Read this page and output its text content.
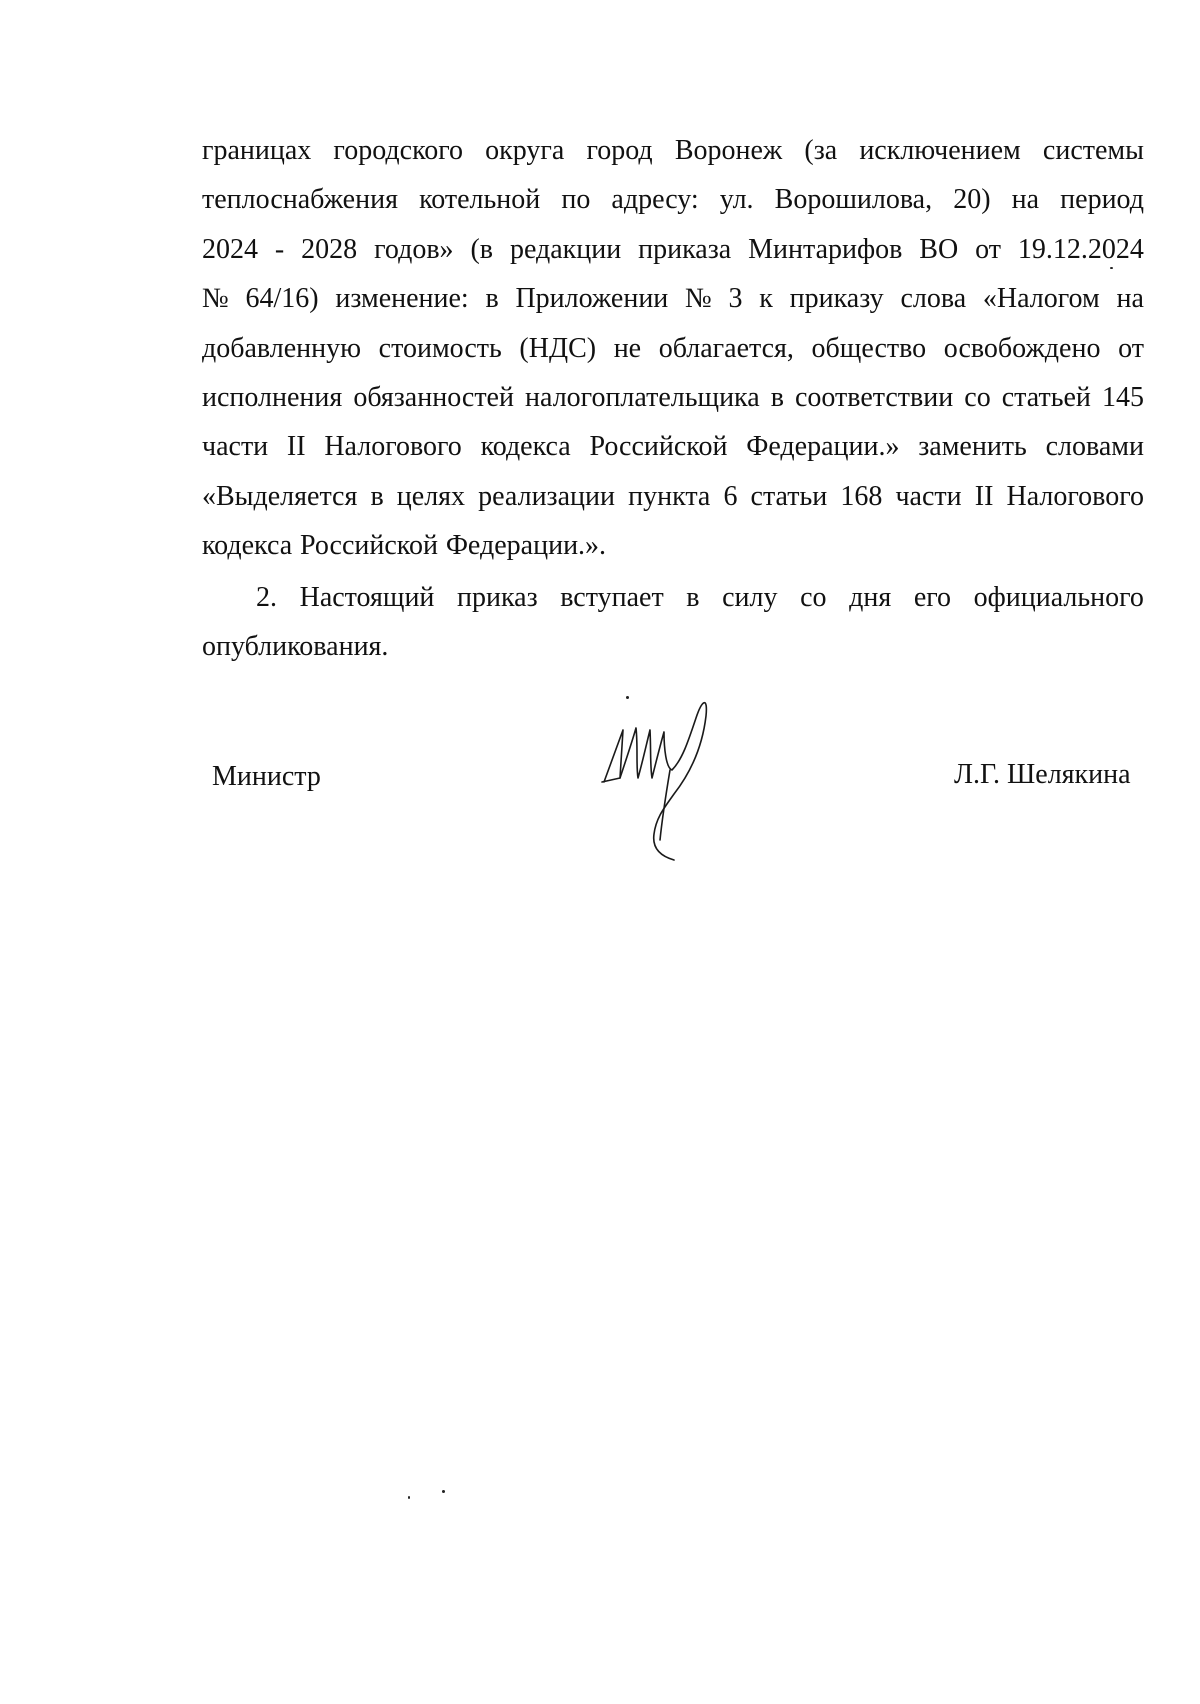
границах городского округа город Воронеж (за исключением системы
теплоснабжения котельной по адресу: ул. Ворошилова, 20) на период
2024 - 2028 годов» (в редакции приказа Минтарифов ВО от 19.12.2024
№ 64/16) изменение: в Приложении № 3 к приказу слова «Налогом на
добавленную стоимость (НДС) не облагается, общество освобождено от
исполнения обязанностей налогоплательщика в соответствии со статьей 145
части II Налогового кодекса Российской Федерации.» заменить словами
«Выделяется в целях реализации пункта 6 статьи 168 части II Налогового
кодекса Российской Федерации.».
2. Настоящий приказ вступает в силу со дня его официального
опубликования.
Министр	Л.Г. Шелякина
